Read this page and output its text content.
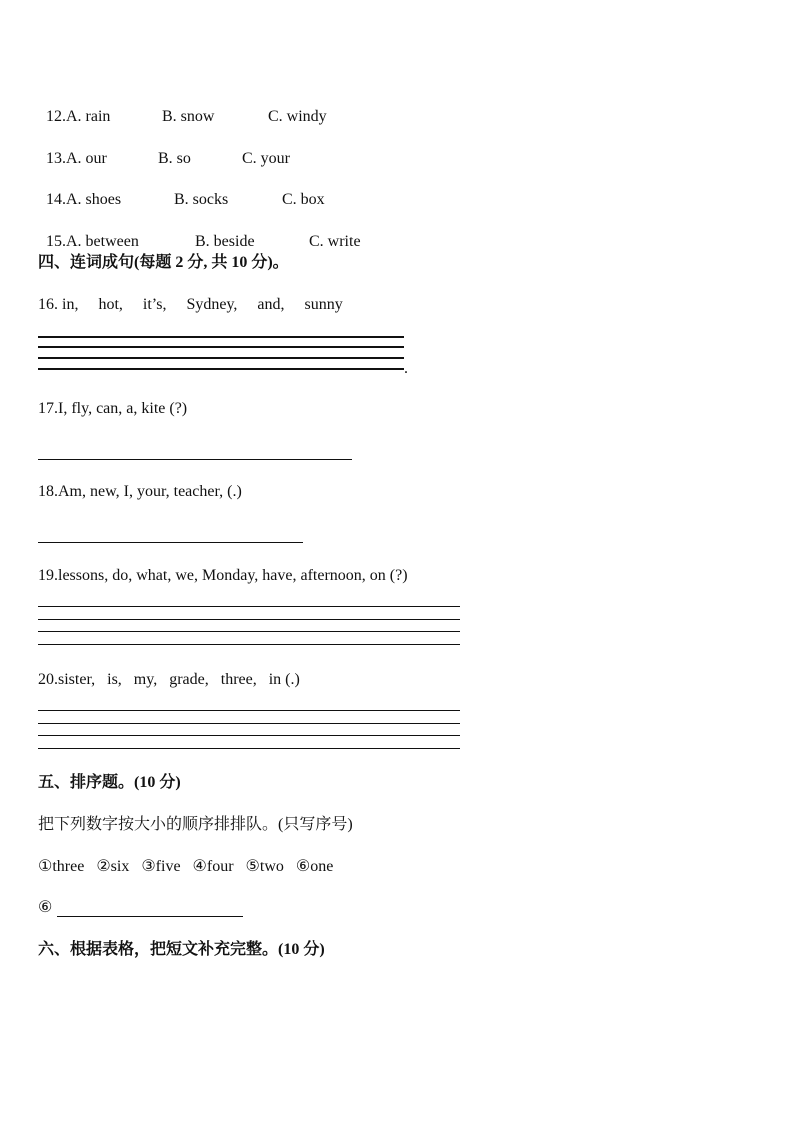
12.A. rain	B. snow	C. windy

13.A. our	B. so	C. your

14.A. shoes	B. socks	C. box

15.A. between	B. beside	C. write

四、连词成句(每题 2 分, 共 10 分)。
16. in,     hot,     it’s,     Sydney,     and,     sunny
.
17.I, fly, can, a, kite (?)
18.Am, new, I, your, teacher, (.)
19.lessons, do, what, we, Monday, have, afternoon, on (?)
20.sister,   is,   my,   grade,   three,   in (.)
五、排序题。(10 分)
把下列数字按大小的顺序排排队。(只写序号)
①three   ②six   ③five   ④four   ⑤two   ⑥one
⑥
六、根据表格，把短文补充完整。(10 分)
